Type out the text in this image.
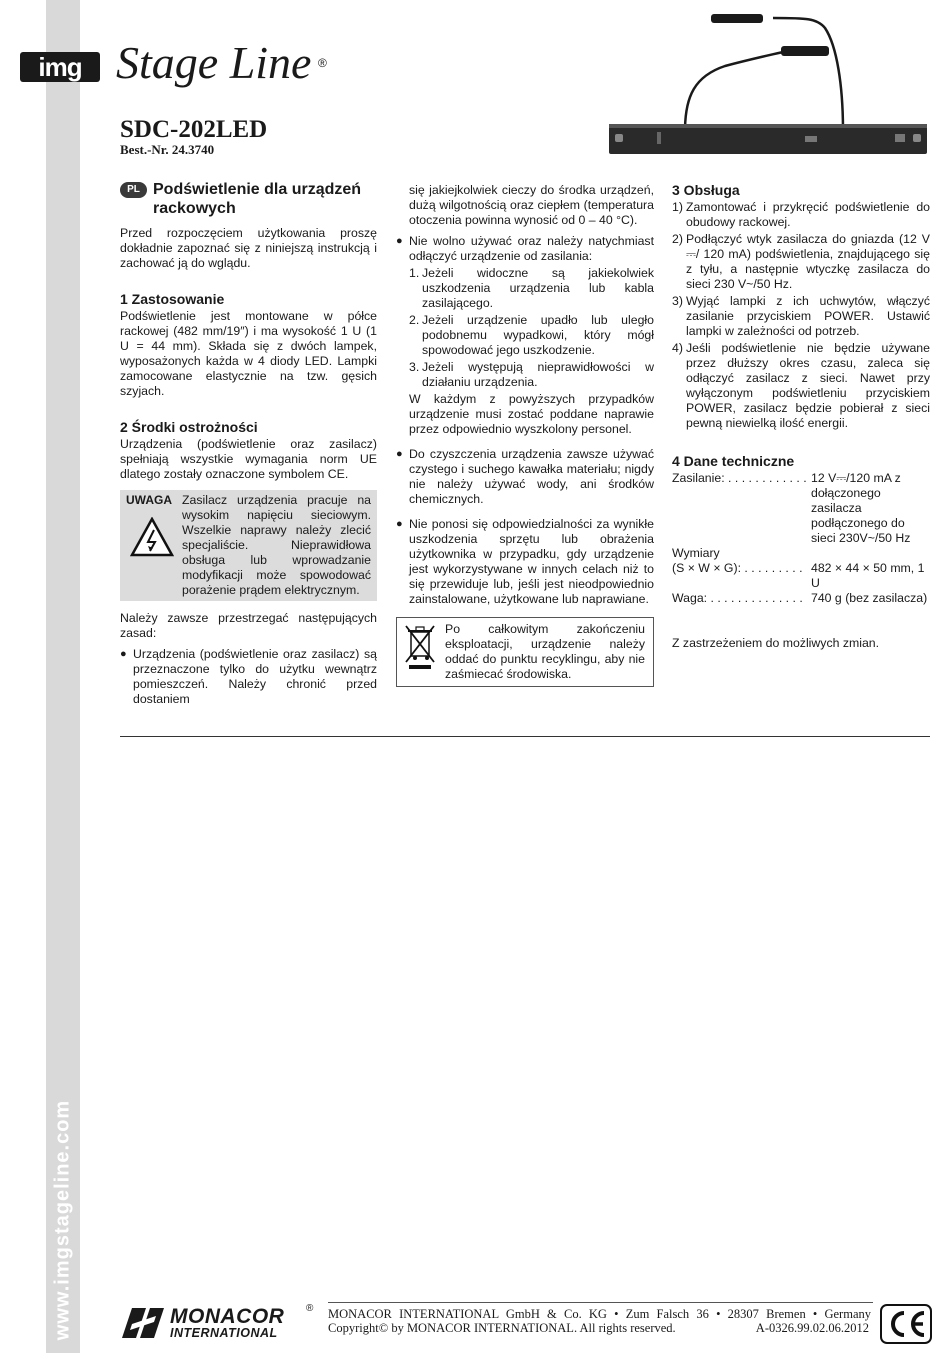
www.imgstageline.com
img Stage Line ®
SDC-202LED
Best.-Nr. 24.3740
PL Podświetlenie dla urządzeń rackowych

Przed rozpoczęciem użytkowania proszę dokładnie zapoznać się z niniejszą instrukcją i zachować ją do wglądu.

1 Zastosowanie

Podświetlenie jest montowane w półce rackowej (482 mm/19″) i ma wysokość 1 U (1 U = 44 mm). Składa się z dwóch lampek, wyposażonych każda w 4 diody LED. Lampki zamocowane elastycznie na tzw. gęsich szyjach.

2 Środki ostrożności

Urządzenia (podświetlenie oraz zasilacz) spełniają wszystkie wymagania norm UE dlatego zostały oznaczone symbolem CE.

UWAGA Zasilacz urządzenia pracuje na wysokim napięciu sieciowym. Wszelkie naprawy należy zlecić specjaliście. Nieprawidłowa obsługa lub wprowadzanie modyfikacji może spowodować porażenie prądem elektrycznym.

Należy zawsze przestrzegać następujących zasad:

● Urządzenia (podświetlenie oraz zasilacz) są przeznaczone tylko do użytku wewnątrz pomieszczeń. Należy chronić przed dostaniem

się jakiejkolwiek cieczy do środka urządzeń, dużą wilgotnością oraz ciepłem (temperatura otoczenia powinna wynosić od 0 – 40 °C).

● Nie wolno używać oraz należy natychmiast odłączyć urządzenie od zasilania:
1. Jeżeli widoczne są jakiekolwiek uszkodzenia urządzenia lub kabla zasilającego.
2. Jeżeli urządzenie upadło lub uległo podobnemu wypadkowi, który mógł spowodować jego uszkodzenie.
3. Jeżeli występują nieprawidłowości w działaniu urządzenia.

W każdym z powyższych przypadków urządzenie musi zostać poddane naprawie przez odpowiednio wyszkolony personel.

● Do czyszczenia urządzenia zawsze używać czystego i suchego kawałka materiału; nigdy nie należy używać wody, ani środków chemicznych.
● Nie ponosi się odpowiedzialności za wynikłe uszkodzenia sprzętu lub obrażenia użytkownika w przypadku, gdy urządzenie jest wykorzystywane w innych celach niż to się przewiduje lub, jeśli jest nieodpowiednio zainstalowane, użytkowane lub naprawiane.

Po całkowitym zakończeniu eksploatacji, urządzenie należy oddać do punktu recyklingu, aby nie zaśmiecać środowiska.

3 Obsługa
1) Zamontować i przykręcić podświetlenie do obudowy rackowej.
2) Podłączyć wtyk zasilacza do gniazda (12 V ⎓/ 120 mA) podświetlenia, znajdującego się z tyłu, a następnie wtyczkę zasilacza do sieci 230 V~/50 Hz.
3) Wyjąć lampki z ich uchwytów, włączyć zasilanie przyciskiem POWER. Ustawić lampki w zależności od potrzeb.
4) Jeśli podświetlenie nie będzie używane przez dłuższy okres czasu, zaleca się odłączyć zasilacz z sieci. Nawet przy wyłączonym podświetleniu przyciskiem POWER, zasilacz będzie pobierał z sieci pewną niewielką ilość energii.
4 Dane techniczne
Zasilanie: . . . . . . . . . . . . 12 V⎓/120 mA z dołączonego zasilacza podłączonego do sieci 230V~/50 Hz
Wymiary
(S × W × G): . . . . . . . . . 482 × 44 × 50 mm, 1 U
Waga: . . . . . . . . . . . . . . 740 g (bez zasilacza)

Z zastrzeżeniem do możliwych zmian.

MONACOR ®
INTERNATIONAL
MONACOR INTERNATIONAL GmbH & Co. KG • Zum Falsch 36 • 28307 Bremen • Germany
Copyright© by MONACOR INTERNATIONAL. All rights reserved.	A-0326.99.02.06.2012
